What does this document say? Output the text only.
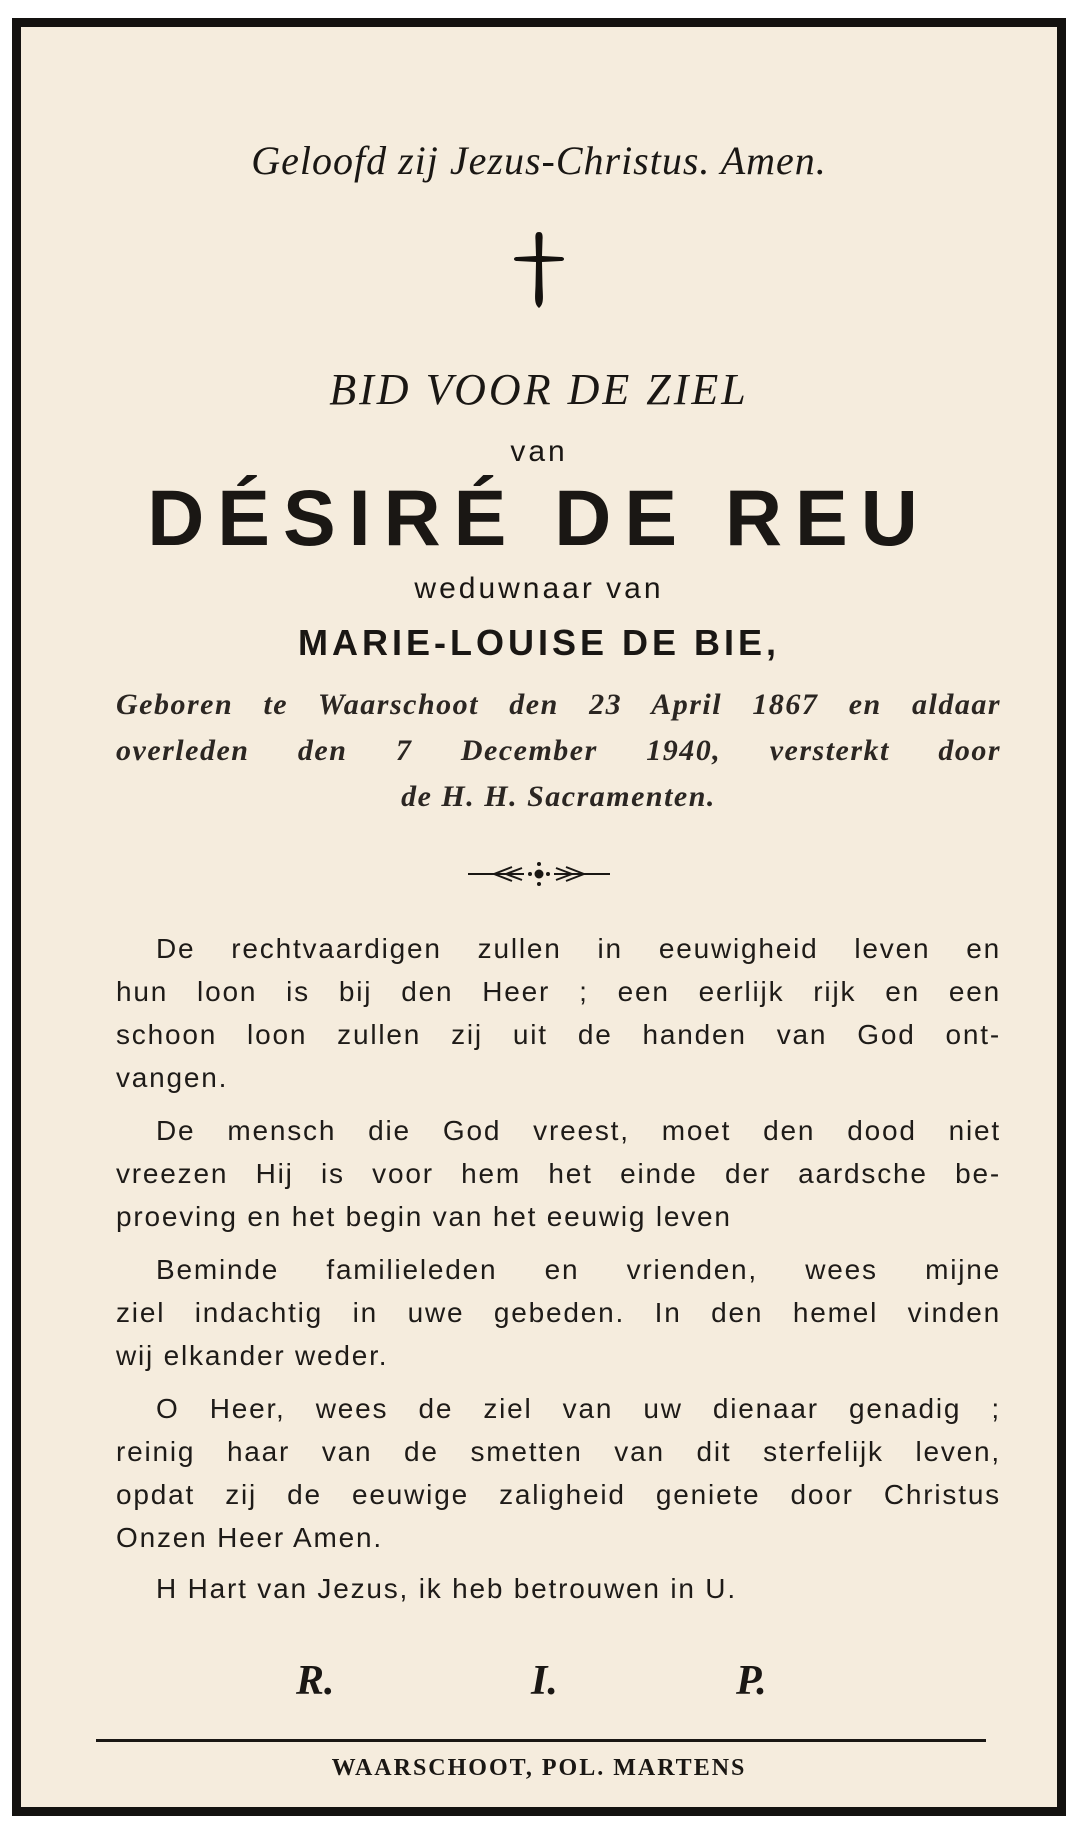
Geloofd zij Jezus-Christus. Amen.
BID VOOR DE ZIEL
van
DÉSIRÉ DE REU
weduwnaar van
MARIE-LOUISE DE BIE,
Geboren te Waarschoot den 23 April 1867 en aldaar
overleden den 7 December 1940, versterkt door
de H. H. Sacramenten.
De rechtvaardigen zullen in eeuwigheid leven en
hun loon is bij den Heer ; een eerlijk rijk en een
schoon loon zullen zij uit de handen van God ont-
vangen.
De mensch die God vreest, moet den dood niet
vreezen Hij is voor hem het einde der aardsche be-
proeving en het begin van het eeuwig leven
Beminde familieleden en vrienden, wees mijne
ziel indachtig in uwe gebeden. In den hemel vinden
wij elkander weder.
O Heer, wees de ziel van uw dienaar genadig ;
reinig haar van de smetten van dit sterfelijk leven,
opdat zij de eeuwige zaligheid geniete door Christus
Onzen Heer Amen.
H Hart van Jezus, ik heb betrouwen in U.
R.	I.	P.
WAARSCHOOT, POL. MARTENS
